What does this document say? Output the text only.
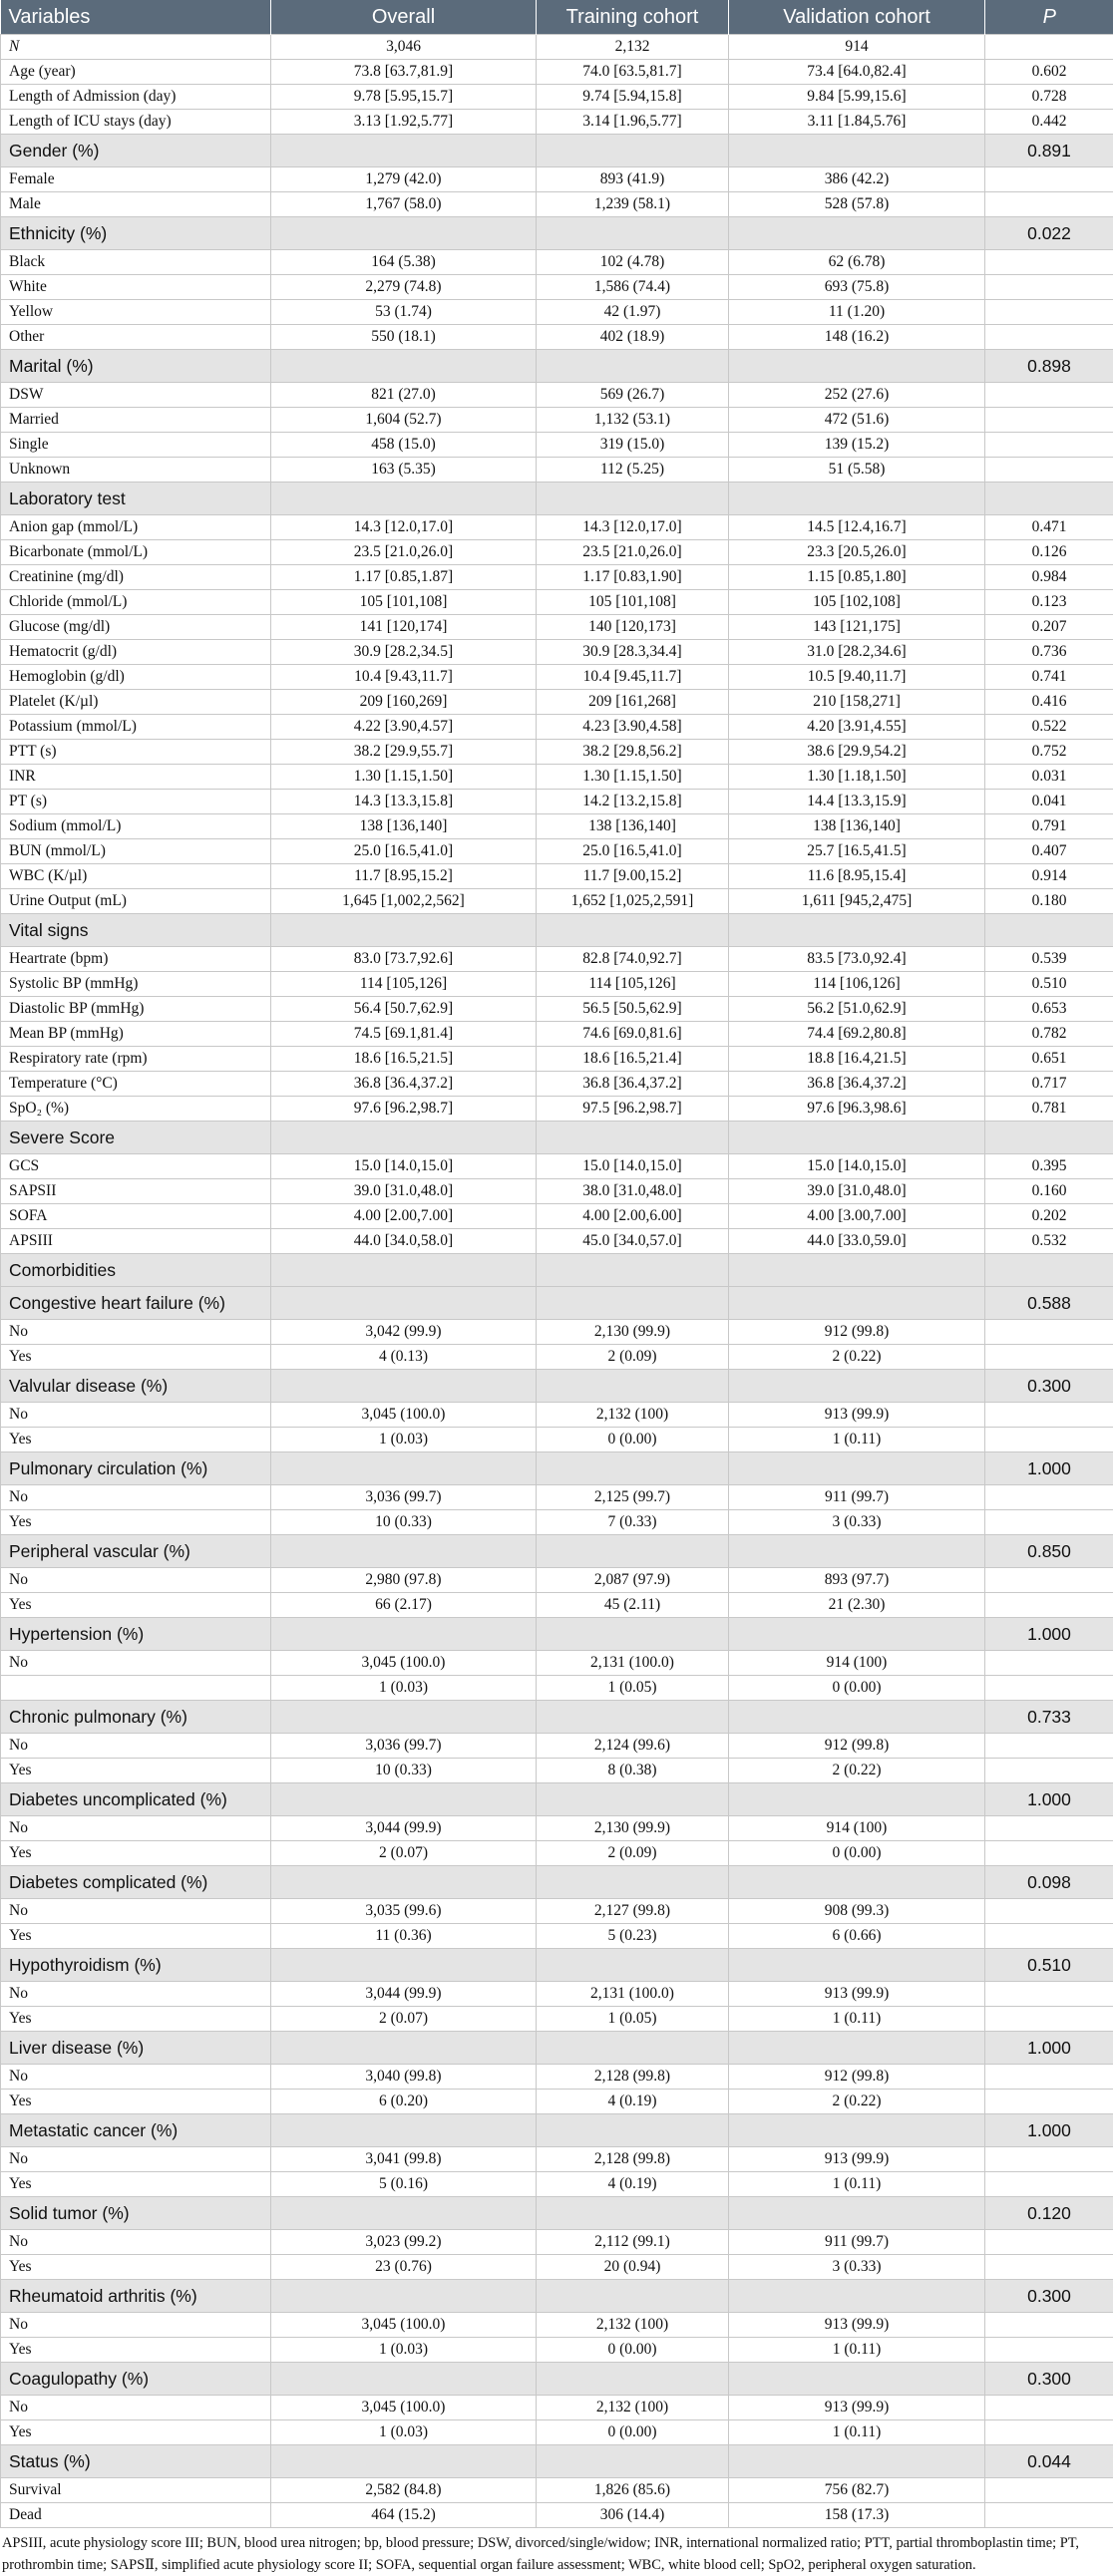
Variables	Overall	Training cohort	Validation cohort	P
N	3,046	2,132	914	
Age (year)	73.8 [63.7,81.9]	74.0 [63.5,81.7]	73.4 [64.0,82.4]	0.602
Length of Admission (day)	9.78 [5.95,15.7]	9.74 [5.94,15.8]	9.84 [5.99,15.6]	0.728
Length of ICU stays (day)	3.13 [1.92,5.77]	3.14 [1.96,5.77]	3.11 [1.84,5.76]	0.442
Gender (%)				0.891
Female	1,279 (42.0)	893 (41.9)	386 (42.2)	
Male	1,767 (58.0)	1,239 (58.1)	528 (57.8)	
Ethnicity (%)				0.022
Black	164 (5.38)	102 (4.78)	62 (6.78)	
White	2,279 (74.8)	1,586 (74.4)	693 (75.8)	
Yellow	53 (1.74)	42 (1.97)	11 (1.20)	
Other	550 (18.1)	402 (18.9)	148 (16.2)	
Marital (%)				0.898
DSW	821 (27.0)	569 (26.7)	252 (27.6)	
Married	1,604 (52.7)	1,132 (53.1)	472 (51.6)	
Single	458 (15.0)	319 (15.0)	139 (15.2)	
Unknown	163 (5.35)	112 (5.25)	51 (5.58)	
Laboratory test				
Anion gap (mmol/L)	14.3 [12.0,17.0]	14.3 [12.0,17.0]	14.5 [12.4,16.7]	0.471
Bicarbonate (mmol/L)	23.5 [21.0,26.0]	23.5 [21.0,26.0]	23.3 [20.5,26.0]	0.126
Creatinine (mg/dl)	1.17 [0.85,1.87]	1.17 [0.83,1.90]	1.15 [0.85,1.80]	0.984
Chloride (mmol/L)	105 [101,108]	105 [101,108]	105 [102,108]	0.123
Glucose (mg/dl)	141 [120,174]	140 [120,173]	143 [121,175]	0.207
Hematocrit (g/dl)	30.9 [28.2,34.5]	30.9 [28.3,34.4]	31.0 [28.2,34.6]	0.736
Hemoglobin (g/dl)	10.4 [9.43,11.7]	10.4 [9.45,11.7]	10.5 [9.40,11.7]	0.741
Platelet (K/µl)	209 [160,269]	209 [161,268]	210 [158,271]	0.416
Potassium (mmol/L)	4.22 [3.90,4.57]	4.23 [3.90,4.58]	4.20 [3.91,4.55]	0.522
PTT (s)	38.2 [29.9,55.7]	38.2 [29.8,56.2]	38.6 [29.9,54.2]	0.752
INR	1.30 [1.15,1.50]	1.30 [1.15,1.50]	1.30 [1.18,1.50]	0.031
PT (s)	14.3 [13.3,15.8]	14.2 [13.2,15.8]	14.4 [13.3,15.9]	0.041
Sodium (mmol/L)	138 [136,140]	138 [136,140]	138 [136,140]	0.791
BUN (mmol/L)	25.0 [16.5,41.0]	25.0 [16.5,41.0]	25.7 [16.5,41.5]	0.407
WBC (K/µl)	11.7 [8.95,15.2]	11.7 [9.00,15.2]	11.6 [8.95,15.4]	0.914
Urine Output (mL)	1,645 [1,002,2,562]	1,652 [1,025,2,591]	1,611 [945,2,475]	0.180
Vital signs				
Heartrate (bpm)	83.0 [73.7,92.6]	82.8 [74.0,92.7]	83.5 [73.0,92.4]	0.539
Systolic BP (mmHg)	114 [105,126]	114 [105,126]	114 [106,126]	0.510
Diastolic BP (mmHg)	56.4 [50.7,62.9]	56.5 [50.5,62.9]	56.2 [51.0,62.9]	0.653
Mean BP (mmHg)	74.5 [69.1,81.4]	74.6 [69.0,81.6]	74.4 [69.2,80.8]	0.782
Respiratory rate (rpm)	18.6 [16.5,21.5]	18.6 [16.5,21.4]	18.8 [16.4,21.5]	0.651
Temperature (°C)	36.8 [36.4,37.2]	36.8 [36.4,37.2]	36.8 [36.4,37.2]	0.717
SpO₂ (%)	97.6 [96.2,98.7]	97.5 [96.2,98.7]	97.6 [96.3,98.6]	0.781
Severe Score				
GCS	15.0 [14.0,15.0]	15.0 [14.0,15.0]	15.0 [14.0,15.0]	0.395
SAPSII	39.0 [31.0,48.0]	38.0 [31.0,48.0]	39.0 [31.0,48.0]	0.160
SOFA	4.00 [2.00,7.00]	4.00 [2.00,6.00]	4.00 [3.00,7.00]	0.202
APSIII	44.0 [34.0,58.0]	45.0 [34.0,57.0]	44.0 [33.0,59.0]	0.532
Comorbidities				
Congestive heart failure (%)				0.588
No	3,042 (99.9)	2,130 (99.9)	912 (99.8)	
Yes	4 (0.13)	2 (0.09)	2 (0.22)	
Valvular disease (%)				0.300
No	3,045 (100.0)	2,132 (100)	913 (99.9)	
Yes	1 (0.03)	0 (0.00)	1 (0.11)	
Pulmonary circulation (%)				1.000
No	3,036 (99.7)	2,125 (99.7)	911 (99.7)	
Yes	10 (0.33)	7 (0.33)	3 (0.33)	
Peripheral vascular (%)				0.850
No	2,980 (97.8)	2,087 (97.9)	893 (97.7)	
Yes	66 (2.17)	45 (2.11)	21 (2.30)	
Hypertension (%)				1.000
No	3,045 (100.0)	2,131 (100.0)	914 (100)	
	1 (0.03)	1 (0.05)	0 (0.00)	
Chronic pulmonary (%)				0.733
No	3,036 (99.7)	2,124 (99.6)	912 (99.8)	
Yes	10 (0.33)	8 (0.38)	2 (0.22)	
Diabetes uncomplicated (%)				1.000
No	3,044 (99.9)	2,130 (99.9)	914 (100)	
Yes	2 (0.07)	2 (0.09)	0 (0.00)	
Diabetes complicated (%)				0.098
No	3,035 (99.6)	2,127 (99.8)	908 (99.3)	
Yes	11 (0.36)	5 (0.23)	6 (0.66)	
Hypothyroidism (%)				0.510
No	3,044 (99.9)	2,131 (100.0)	913 (99.9)	
Yes	2 (0.07)	1 (0.05)	1 (0.11)	
Liver disease (%)				1.000
No	3,040 (99.8)	2,128 (99.8)	912 (99.8)	
Yes	6 (0.20)	4 (0.19)	2 (0.22)	
Metastatic cancer (%)				1.000
No	3,041 (99.8)	2,128 (99.8)	913 (99.9)	
Yes	5 (0.16)	4 (0.19)	1 (0.11)	
Solid tumor (%)				0.120
No	3,023 (99.2)	2,112 (99.1)	911 (99.7)	
Yes	23 (0.76)	20 (0.94)	3 (0.33)	
Rheumatoid arthritis (%)				0.300
No	3,045 (100.0)	2,132 (100)	913 (99.9)	
Yes	1 (0.03)	0 (0.00)	1 (0.11)	
Coagulopathy (%)				0.300
No	3,045 (100.0)	2,132 (100)	913 (99.9)	
Yes	1 (0.03)	0 (0.00)	1 (0.11)	
Status (%)				0.044
Survival	2,582 (84.8)	1,826 (85.6)	756 (82.7)	
Dead	464 (15.2)	306 (14.4)	158 (17.3)	
APSIII, acute physiology score III; BUN, blood urea nitrogen; bp, blood pressure; DSW, divorced/single/widow; INR, international normalized ratio; PTT, partial thromboplastin time; PT, prothrombin time; SAPSⅡ, simplified acute physiology score II; SOFA, sequential organ failure assessment; WBC, white blood cell; SpO2, peripheral oxygen saturation.
